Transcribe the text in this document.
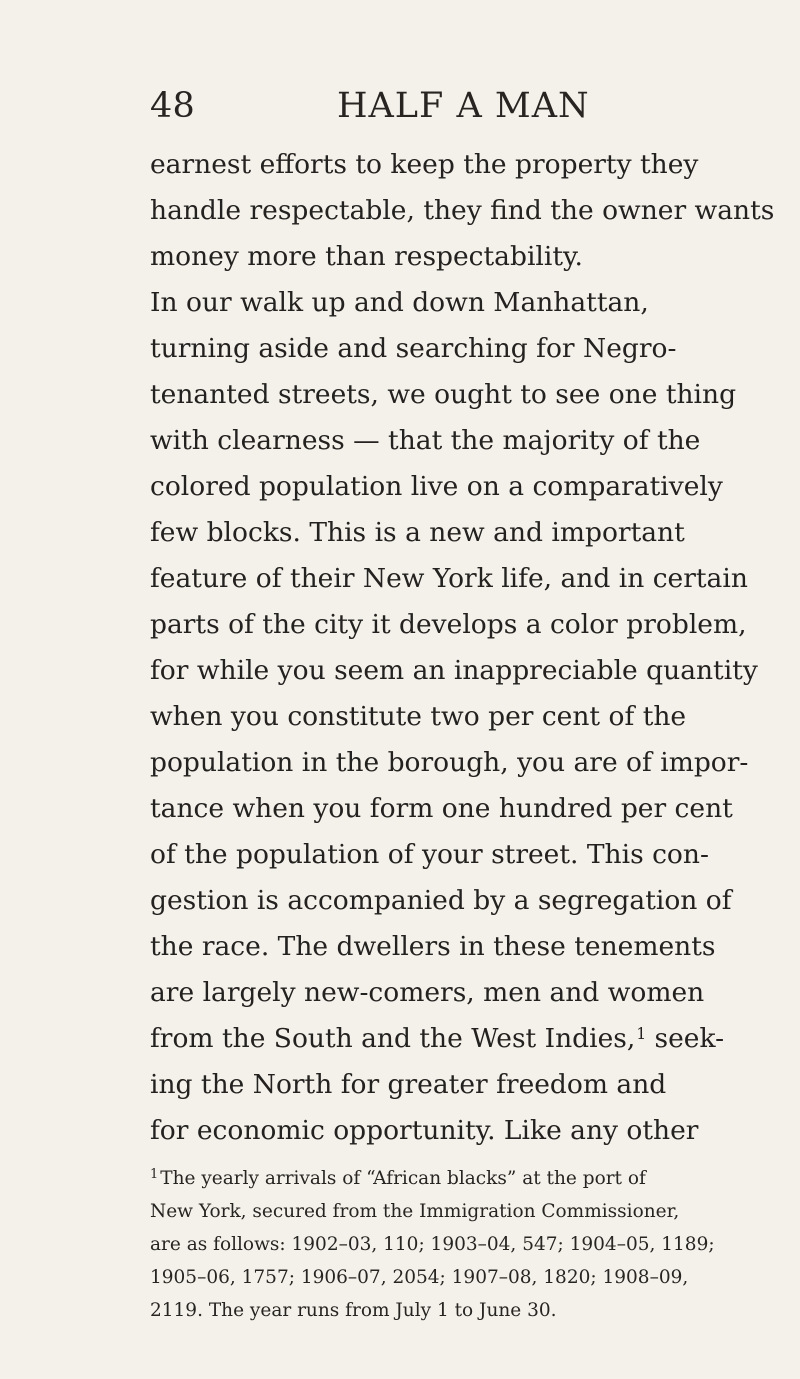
48	HALF A MAN
earnest efforts to keep the property they
handle respectable, they find the owner wants
money more than respectability.
In our walk up and down Manhattan,
turning aside and searching for Negro-
tenanted streets, we ought to see one thing
with clearness — that the majority of the
colored population live on a comparatively
few blocks. This is a new and important
feature of their New York life, and in certain
parts of the city it develops a color problem,
for while you seem an inappreciable quantity
when you constitute two per cent of the
population in the borough, you are of impor-
tance when you form one hundred per cent
of the population of your street. This con-
gestion is accompanied by a segregation of
the race. The dwellers in these tenements
are largely new-comers, men and women
from the South and the West Indies,$^1$ seek-
ing the North for greater freedom and
for economic opportunity. Like any other
$^1$ The yearly arrivals of “African blacks” at the port of
New York, secured from the Immigration Commissioner,
are as follows: 1902–03, 110; 1903–04, 547; 1904–05, 1189;
1905–06, 1757; 1906–07, 2054; 1907–08, 1820; 1908–09,
2119. The year runs from July 1 to June 30.
